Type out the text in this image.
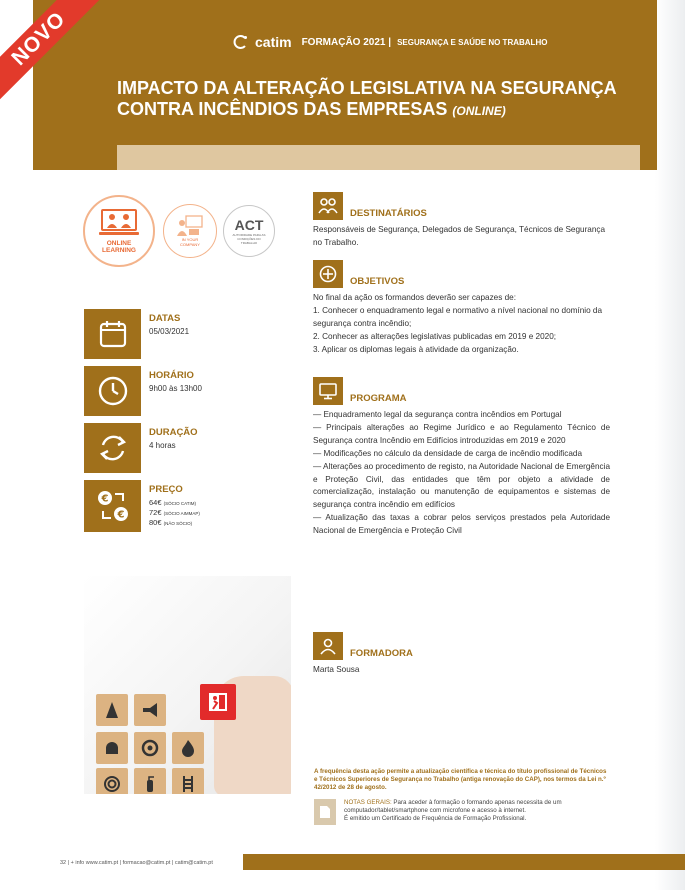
catim FORMAÇÃO 2021 | SEGURANÇA E SAÚDE NO TRABALHO
IMPACTO DA ALTERAÇÃO LEGISLATIVA NA SEGURANÇA CONTRA INCÊNDIOS DAS EMPRESAS (ONLINE)
NOVO
ONLINE
LEARNING
IN YOUR
COMPANY
ACT
AUTORIDADE PARA AS CONDIÇÕES DO TRABALHO
DATAS
05/03/2021
HORÁRIO
9h00 às 13h00
DURAÇÃO
4 horas
€
€
PREÇO
64€ (SÓCIO CATIM)
72€ (SÓCIO AIMMAP)
80€ (NÃO SÓCIO)
DESTINATÁRIOS
Responsáveis de Segurança, Delegados de Segurança, Técnicos de Segurança no Trabalho.
OBJETIVOS

No final da ação os formandos deverão ser capazes de:

1. Conhecer o enquadramento legal e normativo a nível nacional no domínio da segurança contra incêndio;

2. Conhecer as alterações legislativas publicadas em 2019 e 2020;

3. Aplicar os diplomas legais à atividade da organização.

PROGRAMA

— Enquadramento legal da segurança contra incêndios em Portugal

— Principais alterações ao Regime Jurídico e ao Regulamento Técnico de Segurança contra Incêndio em Edifícios introduzidas em 2019 e 2020

— Modificações no cálculo da densidade de carga de incêndio modificada

— Alterações ao procedimento de registo, na Autoridade Nacional de Emergência e Proteção Civil, das entidades que têm por objeto a atividade de comercialização, instalação ou manutenção de equipamentos e sistemas de segurança contra incêndio em edifícios

— Atualização das taxas a cobrar pelos serviços prestados pela Autoridade Nacional de Emergência e Proteção Civil

FORMADORA
Marta Sousa
A frequência desta ação permite a atualização científica e técnica do título profissional de Técnicos e Técnicos Superiores de Segurança no Trabalho (antiga renovação do CAP), nos termos da Lei n.º 42/2012 de 28 de agosto.
NOTAS GERAIS: Para aceder à formação o formando apenas necessita de um computador/tablet/smartphone com microfone e acesso à internet.
É emitido um Certificado de Frequência de Formação Profissional.
32 | + info www.catim.pt | formacao@catim.pt | catim@catim.pt
